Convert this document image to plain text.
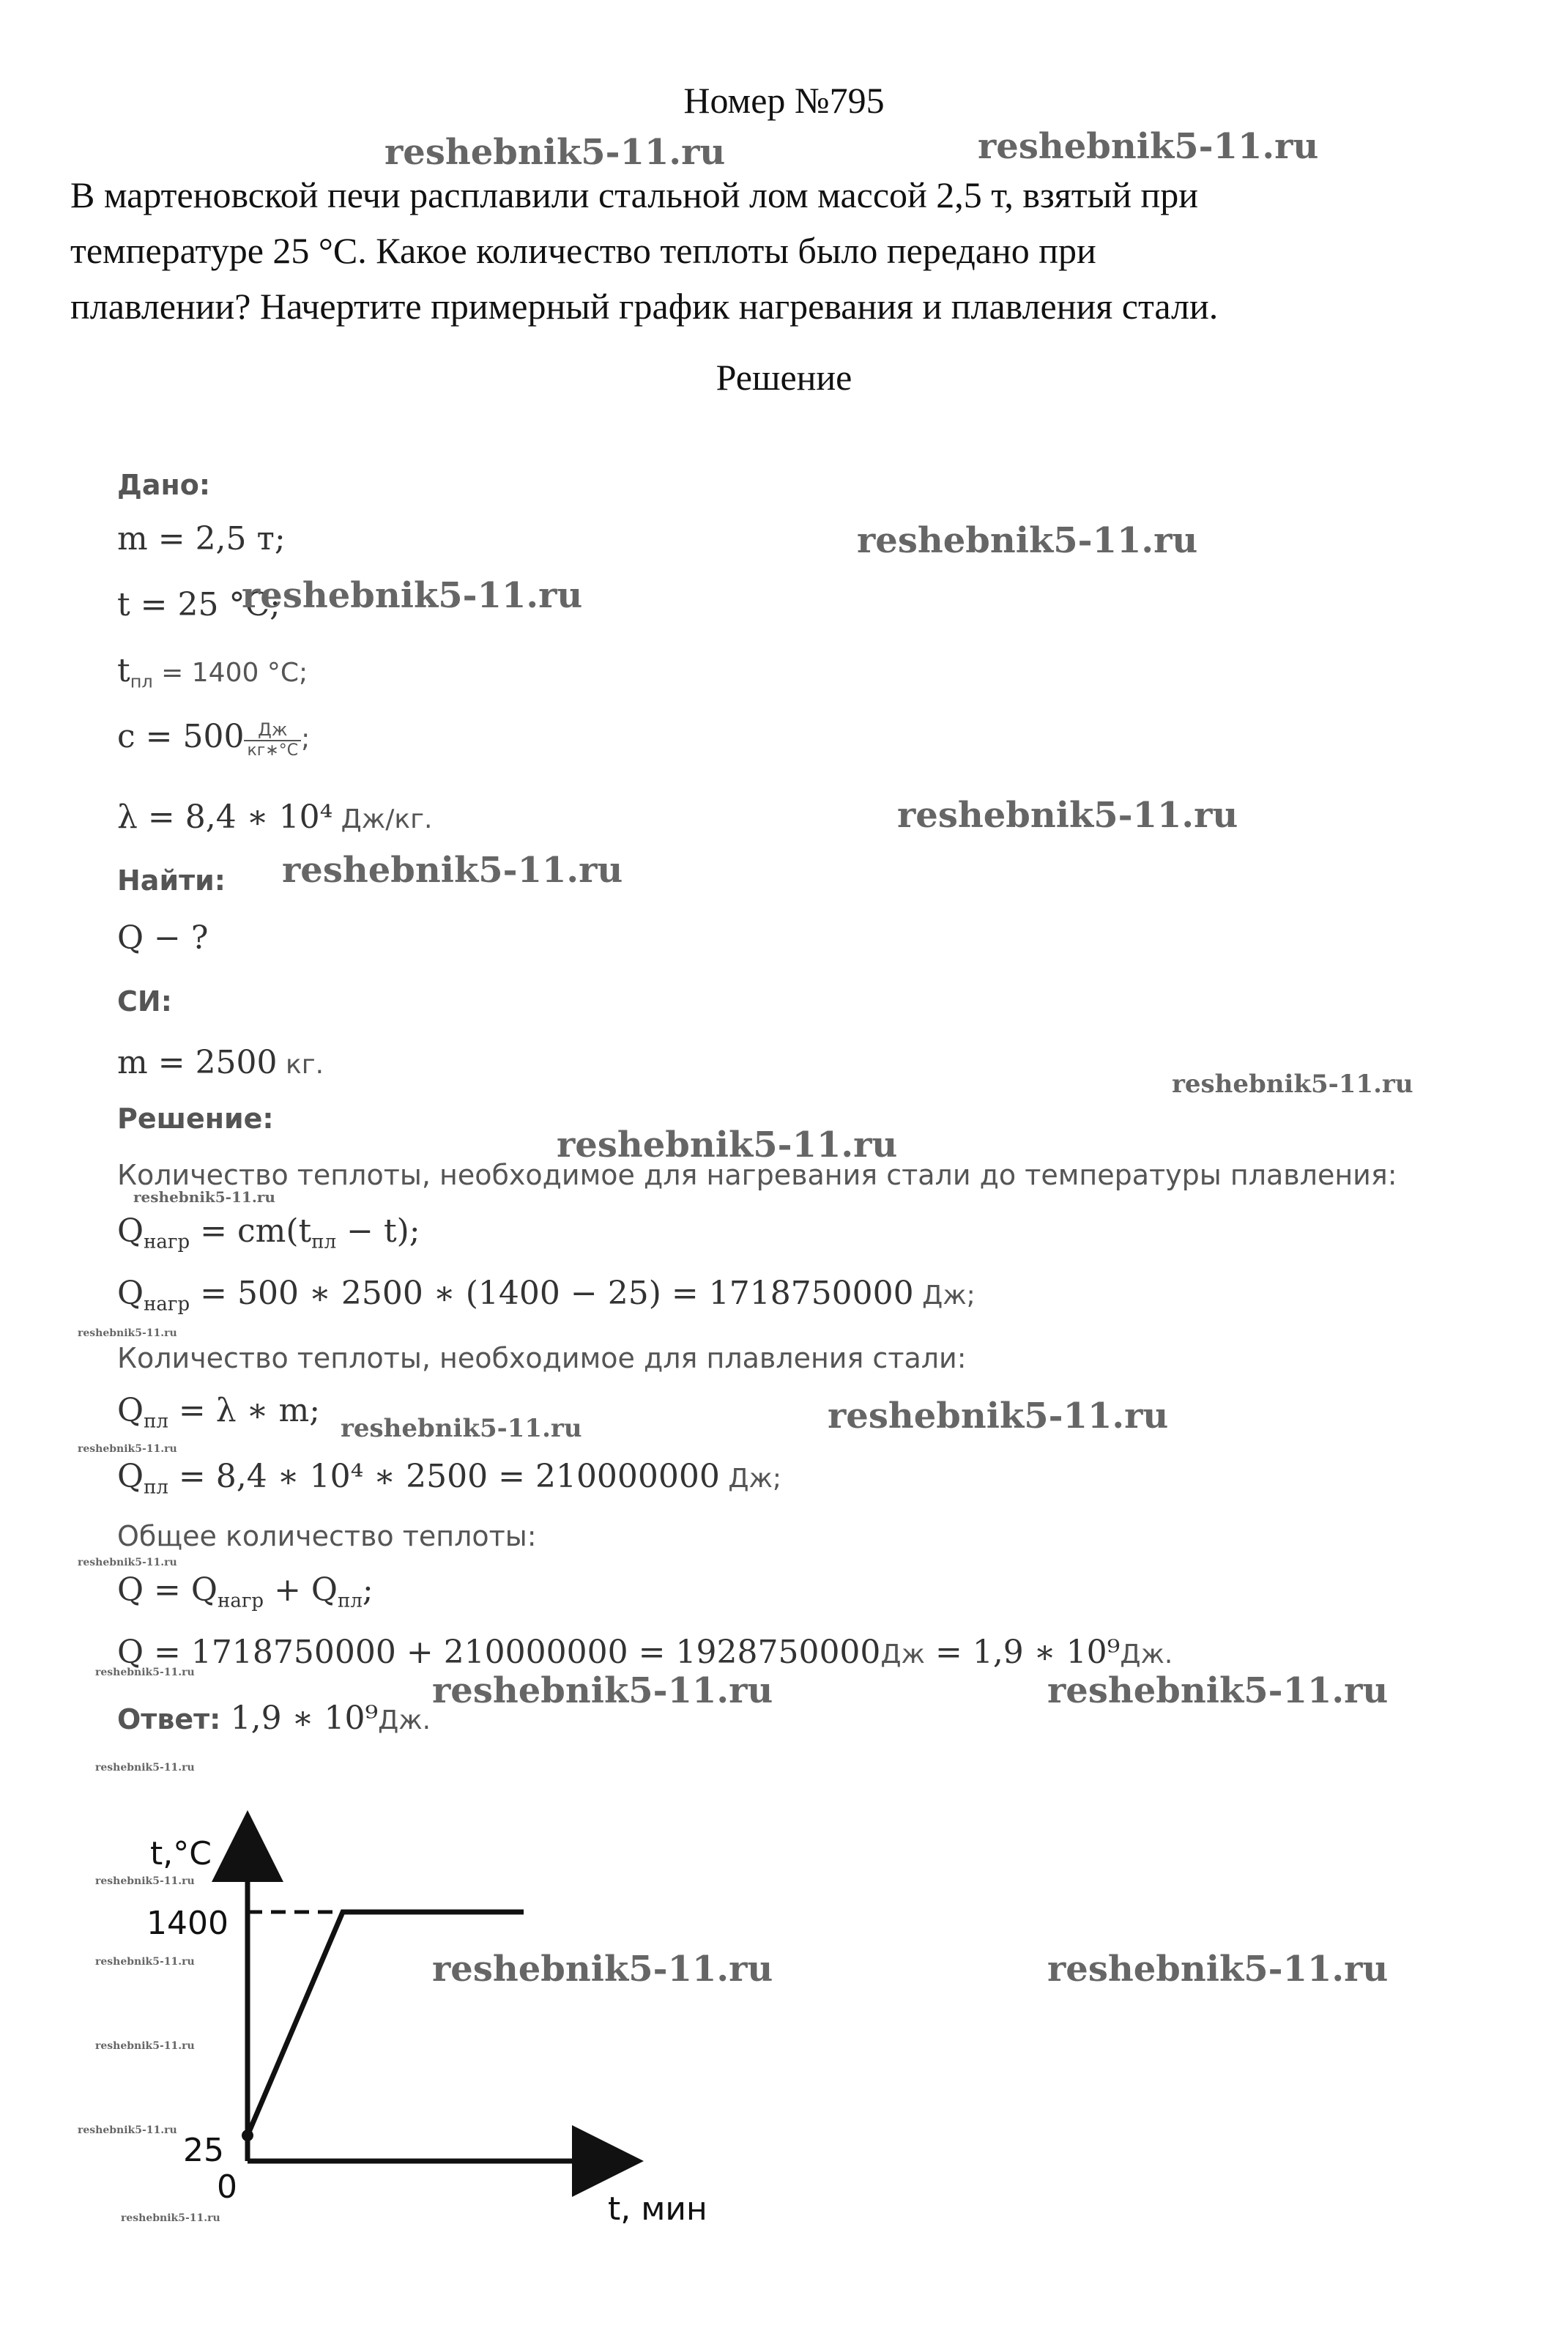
Номер №795
В мартеновской печи расплавили стальной лом массой 2,5 т, взятый при
температуре 25 °С. Какое количество теплоты было передано при
плавлении? Начертите примерный график нагревания и плавления стали.
Решение
Дано:
m = 2,5 т;
t = 25 °С;
$t_{пл} = 1400$ °С;
$c = 500 \frac{Дж}{кг∗^\circ С}$ ;
λ = 8,4 ∗ 10⁴ Дж/кг.
Найти:
Q − ?
СИ:
m = 2500 кг.
Решение:
Количество теплоты, необходимое для нагревания стали до температуры плавления:
$Q_{нагр} = cm(t_{пл} - t)$;
$Q_{нагр} = 500$ ∗ 2500 ∗ (1400 − 25) = 1718750000 Дж;
Количество теплоты, необходимое для плавления стали:
$Q_{пл} = \lambda$ ∗ m;
$Q_{пл} = 8,4$ ∗ 10⁴ ∗ 2500 = 210000000 Дж;
Общее количество теплоты:
$Q = Q_{нагр} + Q_{пл}$;
Q = 1718750000 + 210000000 = 1928750000Дж = 1,9 ∗ 10⁹Дж.
Ответ: 1,9 ∗ 10⁹Дж.
t,°C
1400
25
0
t, мин
reshebnik5-11.ru	reshebnik5-11.ru
reshebnik5-11.ru
reshebnik5-11.ru
reshebnik5-11.ru
reshebnik5-11.ru
reshebnik5-11.ru
reshebnik5-11.ru
reshebnik5-11.ru
reshebnik5-11.ru
reshebnik5-11.ru	reshebnik5-11.ru
reshebnik5-11.ru
reshebnik5-11.ru
reshebnik5-11.ru	reshebnik5-11.ru	reshebnik5-11.ru
reshebnik5-11.ru
reshebnik5-11.ru
reshebnik5-11.ru	reshebnik5-11.ru	reshebnik5-11.ru
reshebnik5-11.ru
reshebnik5-11.ru
reshebnik5-11.ru
